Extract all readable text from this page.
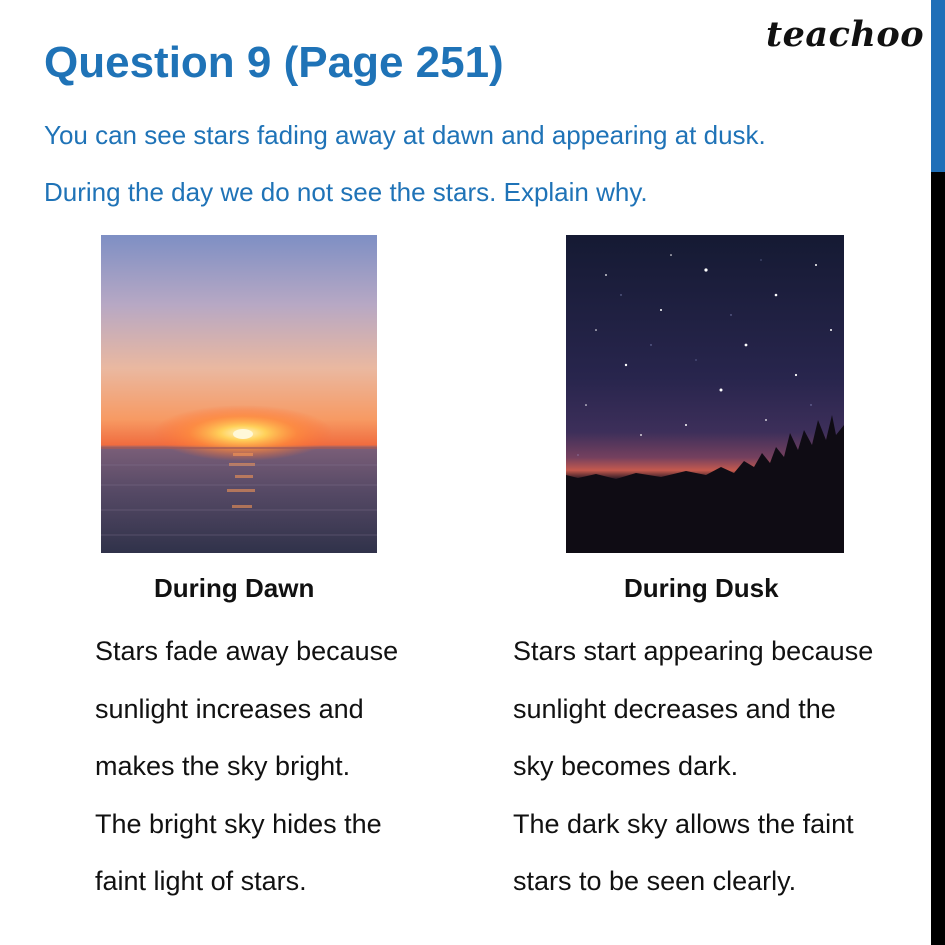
teachoo
Question 9 (Page 251)
You can see stars fading away at dawn and appearing at dusk.
During the day we do not see the stars. Explain why.
During Dawn	During Dusk
Stars fade away because
sunlight increases and
makes the sky bright.
The bright sky hides the
faint light of stars.
Stars start appearing because
sunlight decreases and the
sky becomes dark.
The dark sky allows the faint
stars to be seen clearly.
